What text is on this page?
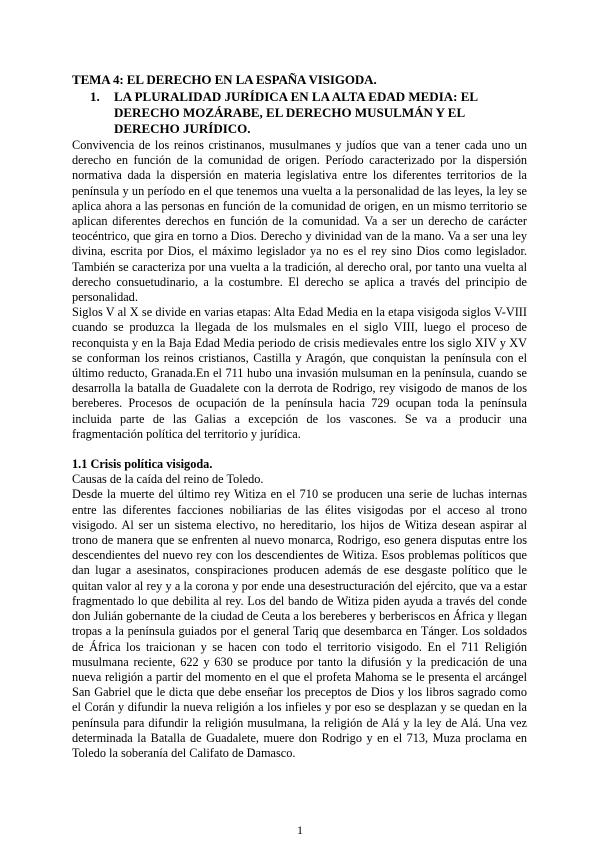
TEMA 4: EL DERECHO EN LA ESPAÑA VISIGODA.
1.	LA PLURALIDAD JURÍDICA EN LA ALTA EDAD MEDIA: EL DERECHO MOZÁRABE, EL DERECHO MUSULMÁN Y EL DERECHO JURÍDICO.

Convivencia de los reinos cristinanos, musulmanes y judíos que van a tener cada uno un derecho en función de la comunidad de origen. Período caracterizado por la dispersión normativa dada la dispersión en materia legislativa entre los diferentes territorios de la península y un período en el que tenemos una vuelta a la personalidad de las leyes, la ley se aplica ahora a las personas en función de la comunidad de origen, en un mismo territorio se aplican diferentes derechos en función de la comunidad. Va a ser un derecho de carácter teocéntrico, que gira en torno a Dios. Derecho y divinidad van de la mano. Va a ser una ley divina, escrita por Dios, el máximo legislador ya no es el rey sino Dios como legislador. También se caracteriza por una vuelta a la tradición, al derecho oral, por tanto una vuelta al derecho consuetudinario, a la costumbre. El derecho se aplica a través del principio de personalidad.

Siglos V al X se divide en varias etapas: Alta Edad Media en la etapa visigoda siglos V-VIII cuando se produzca la llegada de los mulsmales en el siglo VIII, luego el proceso de reconquista y en la Baja Edad Media periodo de crisis medievales entre los siglo XIV y XV se conforman los reinos cristianos, Castilla y Aragón, que conquistan la península con el último reducto, Granada.En el 711 hubo una invasión mulsuman en la península, cuando se desarrolla la batalla de Guadalete con la derrota de Rodrigo, rey visigodo de manos de los bereberes. Procesos de ocupación de la península hacia 729 ocupan toda la península incluida parte de las Galias a excepción de los vascones. Se va a producir una fragmentación política del territorio y jurídica.

1.1 Crisis política visigoda.

Causas de la caída del reino de Toledo.

Desde la muerte del último rey Witiza en el 710 se producen una serie de luchas internas entre las diferentes facciones nobiliarias de las élites visigodas por el acceso al trono visigodo. Al ser un sistema electivo, no hereditario, los hijos de Witiza desean aspirar al trono de manera que se enfrenten al nuevo monarca, Rodrigo, eso genera disputas entre los descendientes del nuevo rey con los descendientes de Witiza. Esos problemas políticos que dan lugar a asesinatos, conspiraciones producen además de ese desgaste político que le quitan valor al rey y a la corona y por ende una desestructuración del ejército, que va a estar fragmentado lo que debilita al rey. Los del bando de Witiza piden ayuda a través del conde don Julián gobernante de la ciudad de Ceuta a los bereberes y berberiscos en África y llegan tropas a la península guiados por el general Tariq que desembarca en Tánger. Los soldados de África los traicionan y se hacen con todo el territorio visigodo. En el 711 Religión musulmana reciente, 622 y 630 se produce por tanto la difusión y la predicación de una nueva religión a partir del momento en el que el profeta Mahoma se le presenta el arcángel San Gabriel que le dicta que debe enseñar los preceptos de Dios y los libros sagrado como el Corán y difundir la nueva religión a los infieles y por eso se desplazan y se quedan en la península para difundir la religión musulmana, la religión de Alá y la ley de Alá. Una vez determinada la Batalla de Guadalete, muere don Rodrigo y en el 713, Muza proclama en Toledo la soberanía del Califato de Damasco.

1
